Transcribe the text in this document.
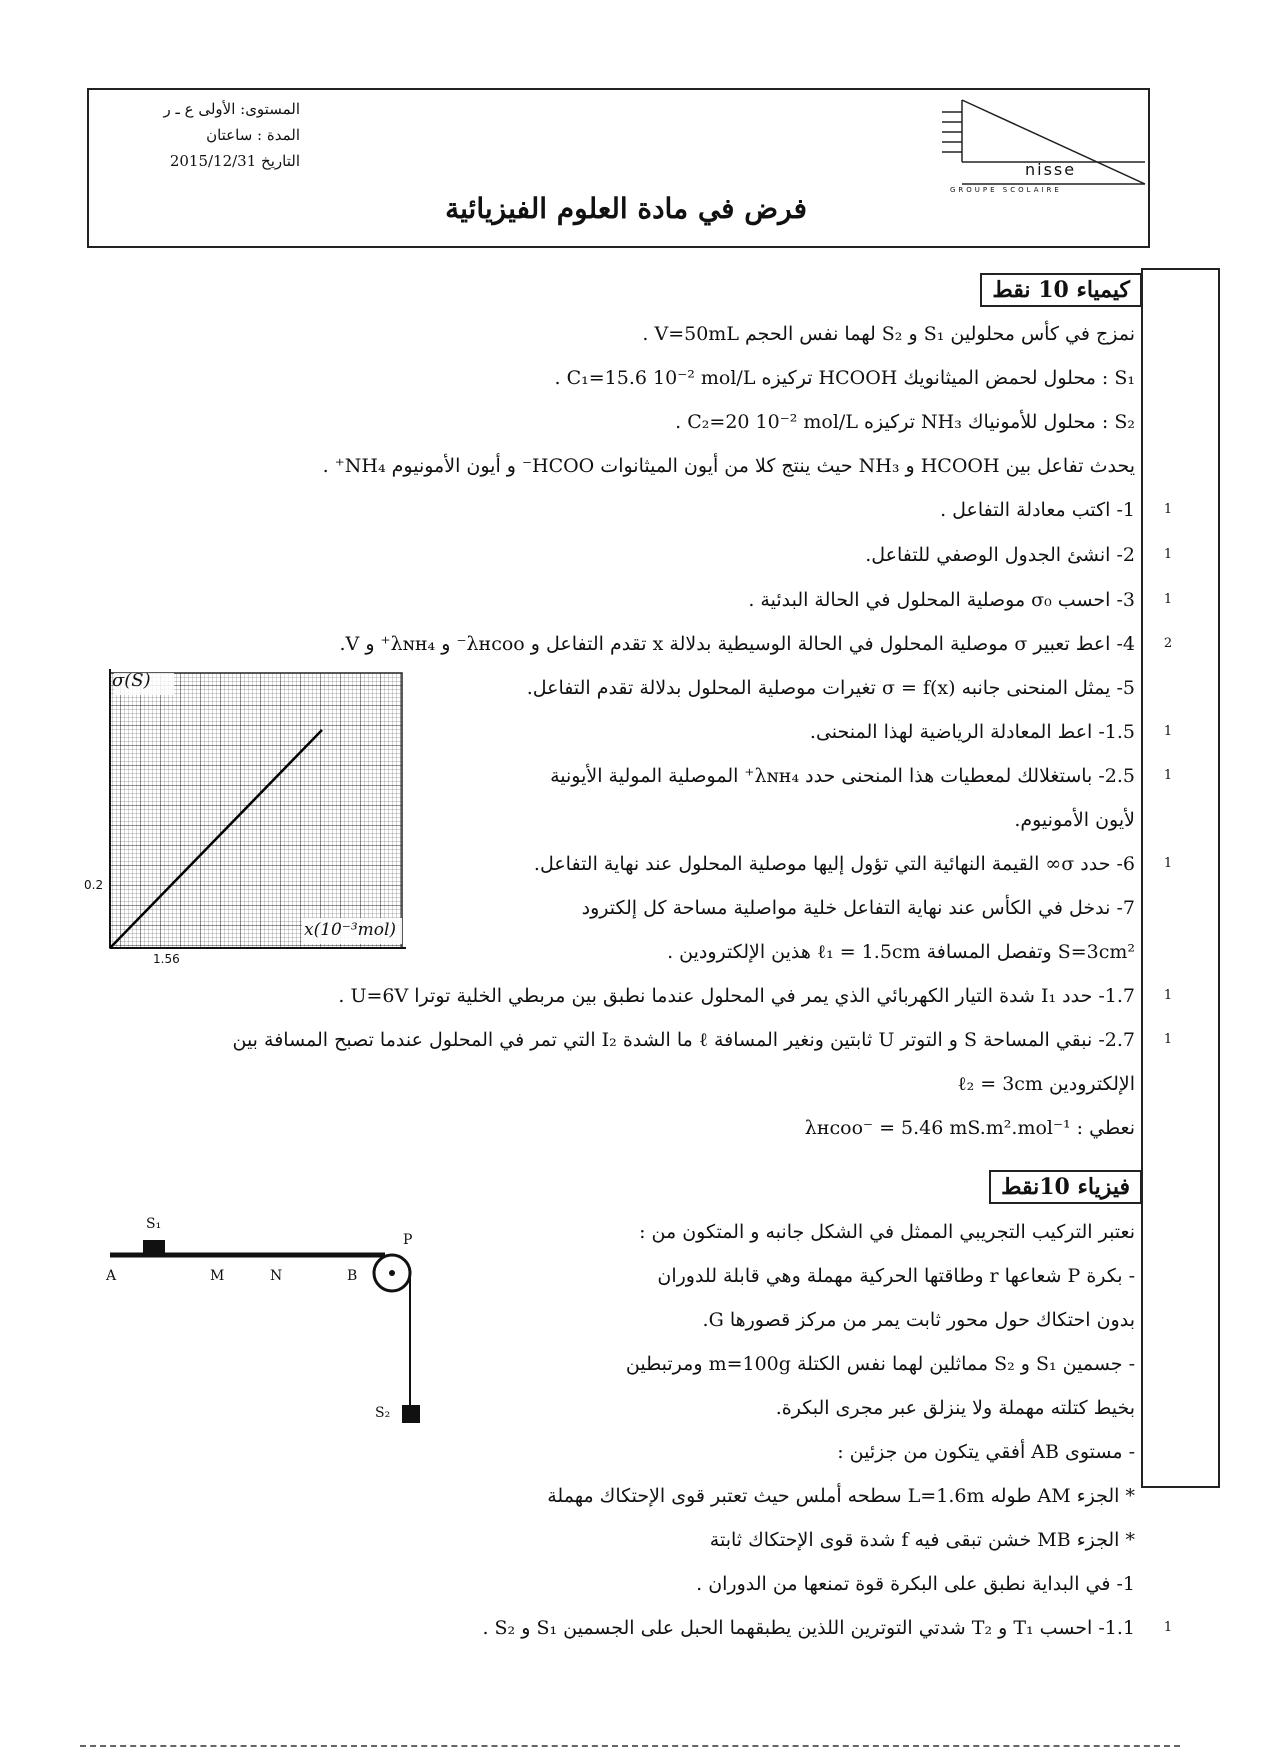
المستوى: الأولى ع ـ ر
المدة : ساعتان
التاريخ 2015/12/31
فرض في مادة العلوم الفيزيائية
nisse
GROUPE SCOLAIRE
كيمياء 10 نقط
نمزج في كأس محلولين S₁ و S₂ لهما نفس الحجم V=50mL .
S₁ : محلول لحمض الميثانويك HCOOH تركيزه C₁=15.6 10⁻² mol/L .
S₂ : محلول للأمونياك NH₃ تركيزه C₂=20 10⁻² mol/L .
يحدث تفاعل بين HCOOH و NH₃ حيث ينتج كلا من أيون الميثانوات HCOO⁻ و أيون الأمونيوم NH₄⁺ .
1- اكتب معادلة التفاعل .
2- انشئ الجدول الوصفي للتفاعل.
3- احسب σ₀ موصلية المحلول في الحالة البدئية .
4- اعط تعبير σ موصلية المحلول في الحالة الوسيطية بدلالة x تقدم التفاعل و λʜᴄᴏᴏ⁻ و λɴʜ₄⁺ و V.
5- يمثل المنحنى جانبه σ = f(x) تغيرات موصلية المحلول بدلالة تقدم التفاعل.
1.5- اعط المعادلة الرياضية لهذا المنحنى.
2.5- باستغلالك لمعطيات هذا المنحنى حدد λɴʜ₄⁺ الموصلية المولية الأيونية
لأيون الأمونيوم.
6- حدد σ∞ القيمة النهائية التي تؤول إليها موصلية المحلول عند نهاية التفاعل.
7- ندخل في الكأس عند نهاية التفاعل خلية مواصلية مساحة كل إلكترود
S=3cm² وتفصل المسافة ℓ₁ = 1.5cm هذين الإلكترودين .
1.7- حدد I₁ شدة التيار الكهربائي الذي يمر في المحلول عندما نطبق بين مربطي الخلية توترا U=6V .
2.7- نبقي المساحة S و التوتر U ثابتين ونغير المسافة ℓ ما الشدة I₂ التي تمر في المحلول عندما تصبح المسافة بين
الإلكترودين ℓ₂ = 3cm
نعطي : λʜᴄᴏᴏ⁻ = 5.46 mS.m².mol⁻¹
1
1
1
2
1
1
1
1
1
σ(S)
x(10⁻³mol)
0.2
1.56
فيزياء 10نقط
نعتبر التركيب التجريبي الممثل في الشكل جانبه و المتكون من :
- بكرة P شعاعها r وطاقتها الحركية مهملة وهي قابلة للدوران
بدون احتكاك حول محور ثابت يمر من مركز قصورها G.
- جسمين S₁ و S₂ مماثلين لهما نفس الكتلة m=100g ومرتبطين
بخيط كتلته مهملة ولا ينزلق عبر مجرى البكرة.
- مستوى AB أفقي يتكون من جزئين :
* الجزء AM طوله L=1.6m سطحه أملس حيث تعتبر قوى الإحتكاك مهملة
* الجزء MB خشن تبقى فيه f شدة قوى الإحتكاك ثابتة
1- في البداية نطبق على البكرة قوة تمنعها من الدوران .
1.1- احسب T₁ و T₂ شدتي التوترين اللذين يطبقهما الحبل على الجسمين S₁ و S₂ . 1
S₁
S₂
A	M	N	B
P
